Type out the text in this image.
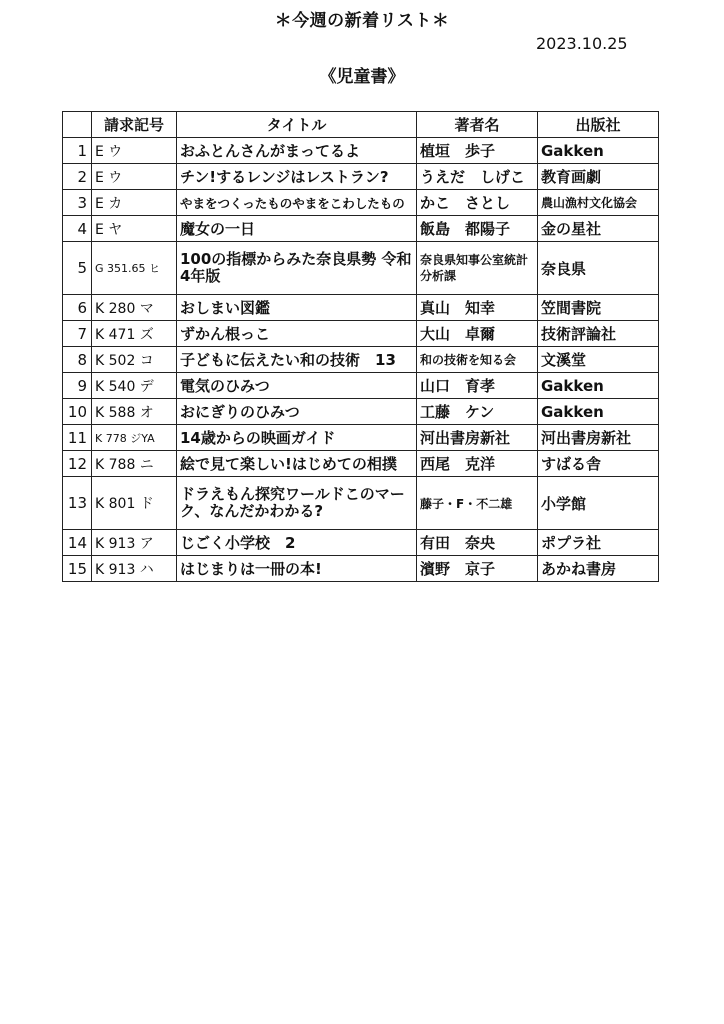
＊今週の新着リスト＊
2023.10.25
《児童書》
	請求記号	タイトル	著者名	出版社
1	E ウ	おふとんさんがまってるよ	植垣　歩子	Gakken
2	E ウ	チン!するレンジはレストラン?	うえだ　しげこ	教育画劇
3	E カ	やまをつくったものやまをこわしたもの	かこ　さとし	農山漁村文化協会
4	E ヤ	魔女の一日	飯島　都陽子	金の星社
5	G 351.65 ヒ	100の指標からみた奈良県勢 令和4年版	奈良県知事公室統計分析課	奈良県
6	K 280 マ	おしまい図鑑	真山　知幸	笠間書院
7	K 471 ズ	ずかん根っこ	大山　卓爾	技術評論社
8	K 502 コ	子どもに伝えたい和の技術　13	和の技術を知る会	文溪堂
9	K 540 デ	電気のひみつ	山口　育孝	Gakken
10	K 588 オ	おにぎりのひみつ	工藤　ケン	Gakken
11	K 778 ジYA	14歳からの映画ガイド	河出書房新社	河出書房新社
12	K 788 ニ	絵で見て楽しい!はじめての相撲	西尾　克洋	すばる舎
13	K 801 ド	ドラえもん探究ワールドこのマーク、なんだかわかる?	藤子・F・不二雄	小学館
14	K 913 ア	じごく小学校　2	有田　奈央	ポプラ社
15	K 913 ハ	はじまりは一冊の本!	濱野　京子	あかね書房
